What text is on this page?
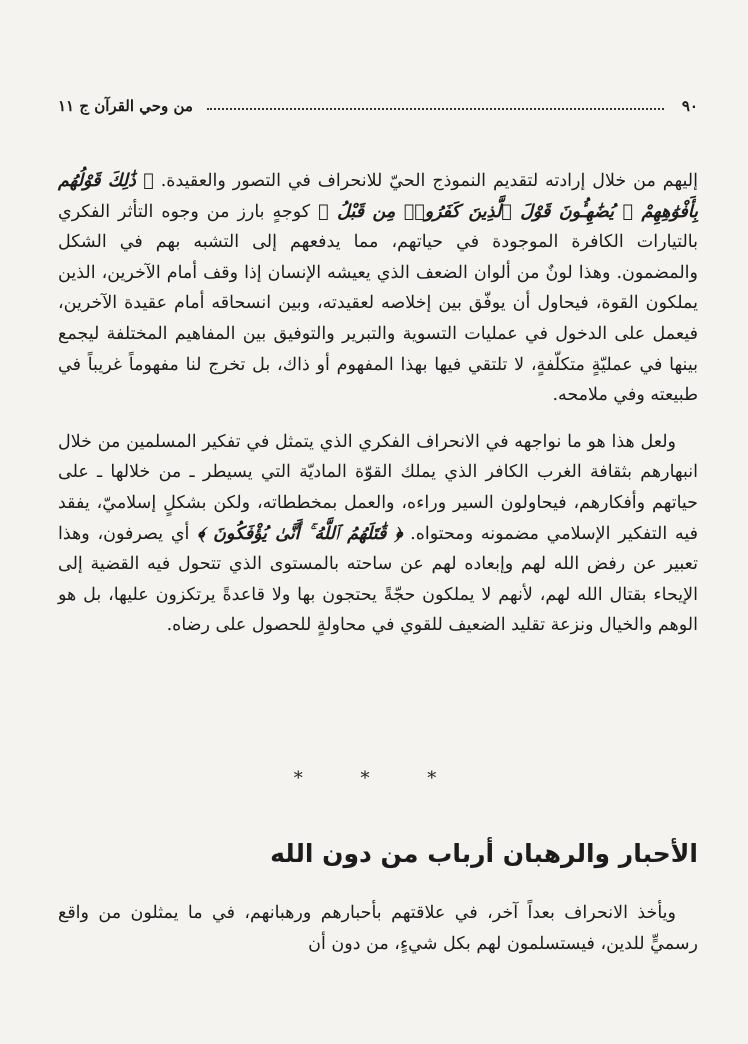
٩٠
من وحي القرآن ج ١١

إليهم من خلال إرادته لتقديم النموذج الحيّ للانحراف في التصور والعقيدة. ﴿ ذَٰلِكَ قَوْلُهُم بِأَفْوَٰهِهِمْ ۖ يُضَٰهِـُٔونَ قَوْلَ ٱلَّذِينَ كَفَرُوا۟ مِن قَبْلُ ﴾ كوجهٍ بارز من وجوه التأثر الفكري بالتيارات الكافرة الموجودة في حياتهم، مما يدفعهم إلى التشبه بهم في الشكل والمضمون. وهذا لونٌ من ألوان الضعف الذي يعيشه الإنسان إذا وقف أمام الآخرين، الذين يملكون القوة، فيحاول أن يوفّق بين إخلاصه لعقيدته، وبين انسحاقه أمام عقيدة الآخرين، فيعمل على الدخول في عمليات التسوية والتبرير والتوفيق بين المفاهيم المختلفة ليجمع بينها في عمليّةٍ متكلّفةٍ، لا تلتقي فيها بهذا المفهوم أو ذاك، بل تخرج لنا مفهوماً غريباً في طبيعته وفي ملامحه.

ولعل هذا هو ما نواجهه في الانحراف الفكري الذي يتمثل في تفكير المسلمين من خلال انبهارهم بثقافة الغرب الكافر الذي يملك القوّة الماديّة التي يسيطر ـ من خلالها ـ على حياتهم وأفكارهم، فيحاولون السير وراءه، والعمل بمخططاته، ولكن بشكلٍ إسلاميّ، يفقد فيه التفكير الإسلامي مضمونه ومحتواه. ﴿ قَٰتَلَهُمُ ٱللَّهُ ۚ أَنَّىٰ يُؤْفَكُونَ ﴾ أي يصرفون، وهذا تعبير عن رفض الله لهم وإبعاده لهم عن ساحته بالمستوى الذي تتحول فيه القضية إلى الإيحاء بقتال الله لهم، لأنهم لا يملكون حجّةً يحتجون بها ولا قاعدةً يرتكزون عليها، بل هو الوهم والخيال ونزعة تقليد الضعيف للقوي في محاولةٍ للحصول على رضاه.

* * *
الأحبار والرهبان أرباب من دون الله

ويأخذ الانحراف بعداً آخر، في علاقتهم بأحبارهم ورهبانهم، في ما يمثلون من واقع رسميٍّ للدين، فيستسلمون لهم بكل شيءٍ، من دون أن
